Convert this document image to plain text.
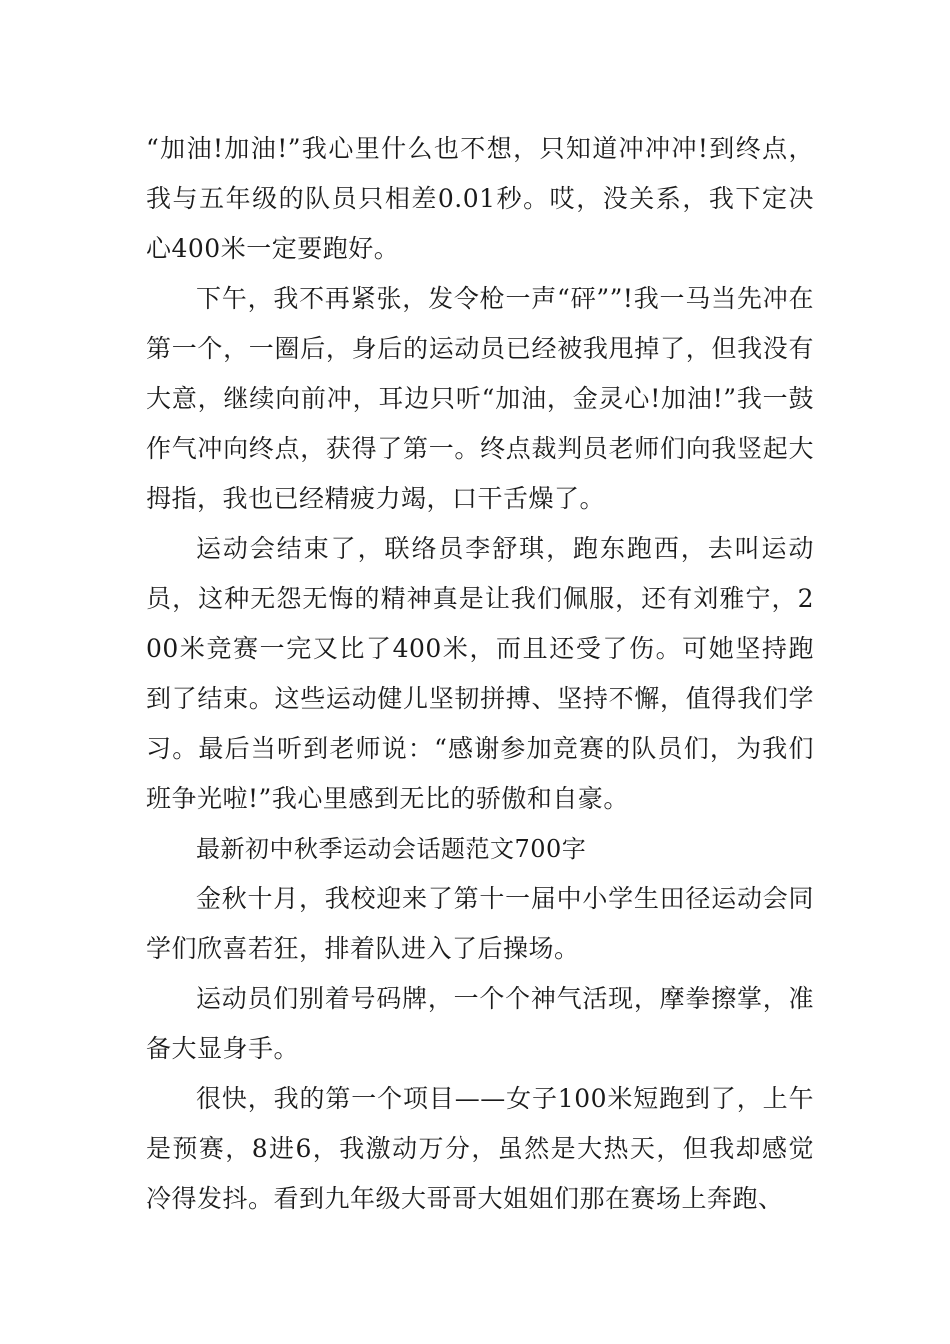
“加油!加油!”我心里什么也不想，只知道冲冲冲!到终点，我与五年级的队员只相差0.01秒。哎，没关系，我下定决心400米一定要跑好。

下午，我不再紧张，发令枪一声“砰””!我一马当先冲在第一个，一圈后，身后的运动员已经被我甩掉了，但我没有大意，继续向前冲，耳边只听“加油，金灵心!加油!”我一鼓作气冲向终点，获得了第一。终点裁判员老师们向我竖起大拇指，我也已经精疲力竭，口干舌燥了。

运动会结束了，联络员李舒琪，跑东跑西，去叫运动员，这种无怨无悔的精神真是让我们佩服，还有刘雅宁，200米竞赛一完又比了400米，而且还受了伤。可她坚持跑到了结束。这些运动健儿坚韧拼搏、坚持不懈，值得我们学习。最后当听到老师说：“感谢参加竞赛的队员们，为我们班争光啦!”我心里感到无比的骄傲和自豪。

最新初中秋季运动会话题范文700字

金秋十月，我校迎来了第十一届中小学生田径运动会同学们欣喜若狂，排着队进入了后操场。

运动员们别着号码牌，一个个神气活现，摩拳擦掌，准备大显身手。

很快，我的第一个项目——女子100米短跑到了，上午是预赛，8进6，我激动万分，虽然是大热天，但我却感觉冷得发抖。看到九年级大哥哥大姐姐们那在赛场上奔跑、
